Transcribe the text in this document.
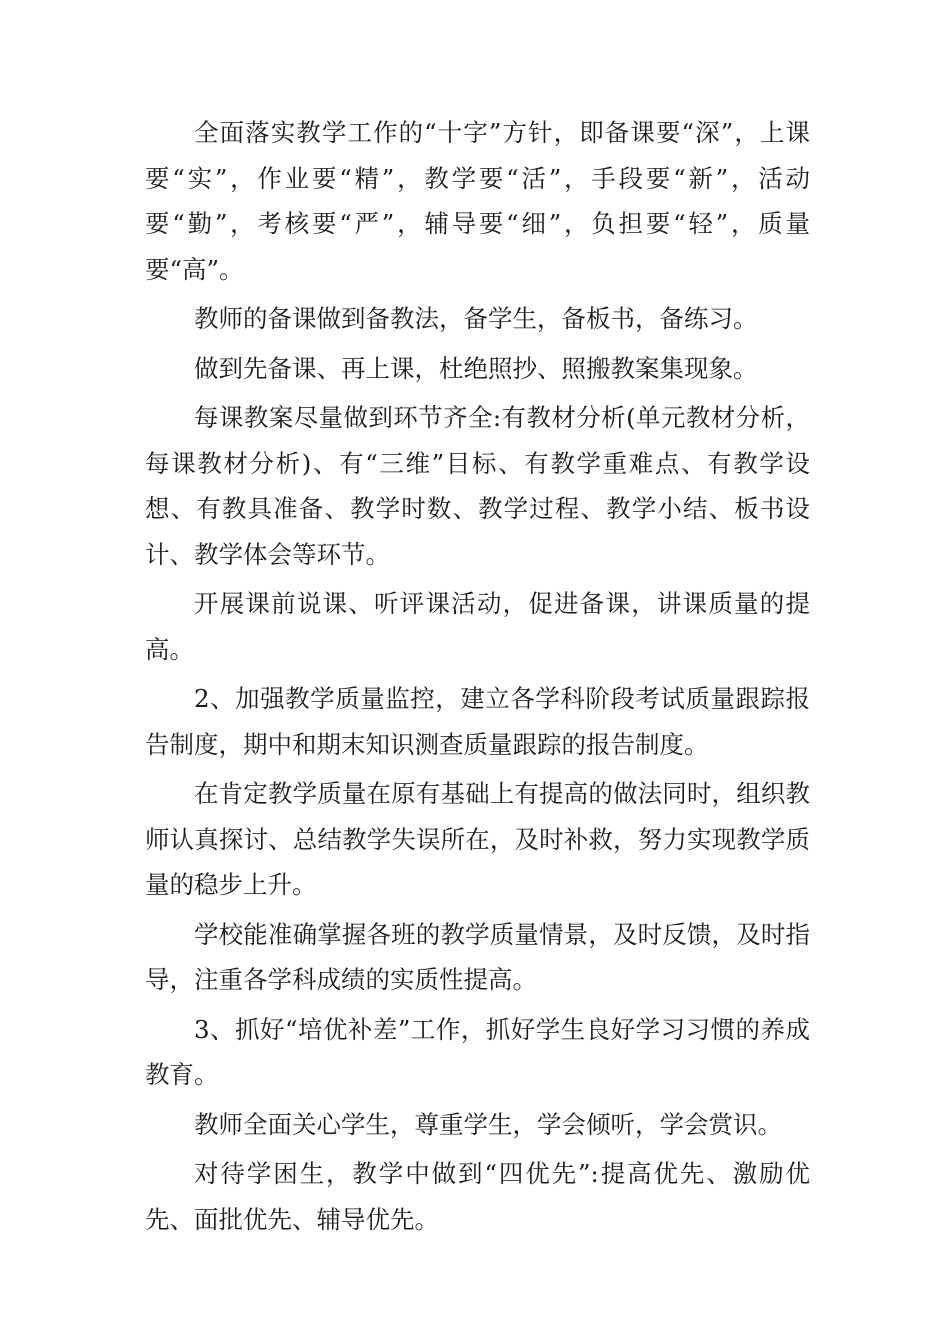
全面落实教学工作的“十字”方针，即备课要“深”，上课要“实”，作业要“精”，教学要“活”，手段要“新”，活动要“勤”，考核要“严”，辅导要“细”，负担要“轻”，质量要“高”。

教师的备课做到备教法，备学生，备板书，备练习。

做到先备课、再上课，杜绝照抄、照搬教案集现象。

每课教案尽量做到环节齐全:有教材分析(单元教材分析，每课教材分析)、有“三维”目标、有教学重难点、有教学设想、有教具准备、教学时数、教学过程、教学小结、板书设计、教学体会等环节。

开展课前说课、听评课活动，促进备课，讲课质量的提高。

2、加强教学质量监控，建立各学科阶段考试质量跟踪报告制度，期中和期末知识测查质量跟踪的报告制度。

在肯定教学质量在原有基础上有提高的做法同时，组织教师认真探讨、总结教学失误所在，及时补救，努力实现教学质量的稳步上升。

学校能准确掌握各班的教学质量情景，及时反馈，及时指导，注重各学科成绩的实质性提高。

3、抓好“培优补差”工作，抓好学生良好学习习惯的养成教育。

教师全面关心学生，尊重学生，学会倾听，学会赏识。

对待学困生，教学中做到“四优先”:提高优先、激励优先、面批优先、辅导优先。
